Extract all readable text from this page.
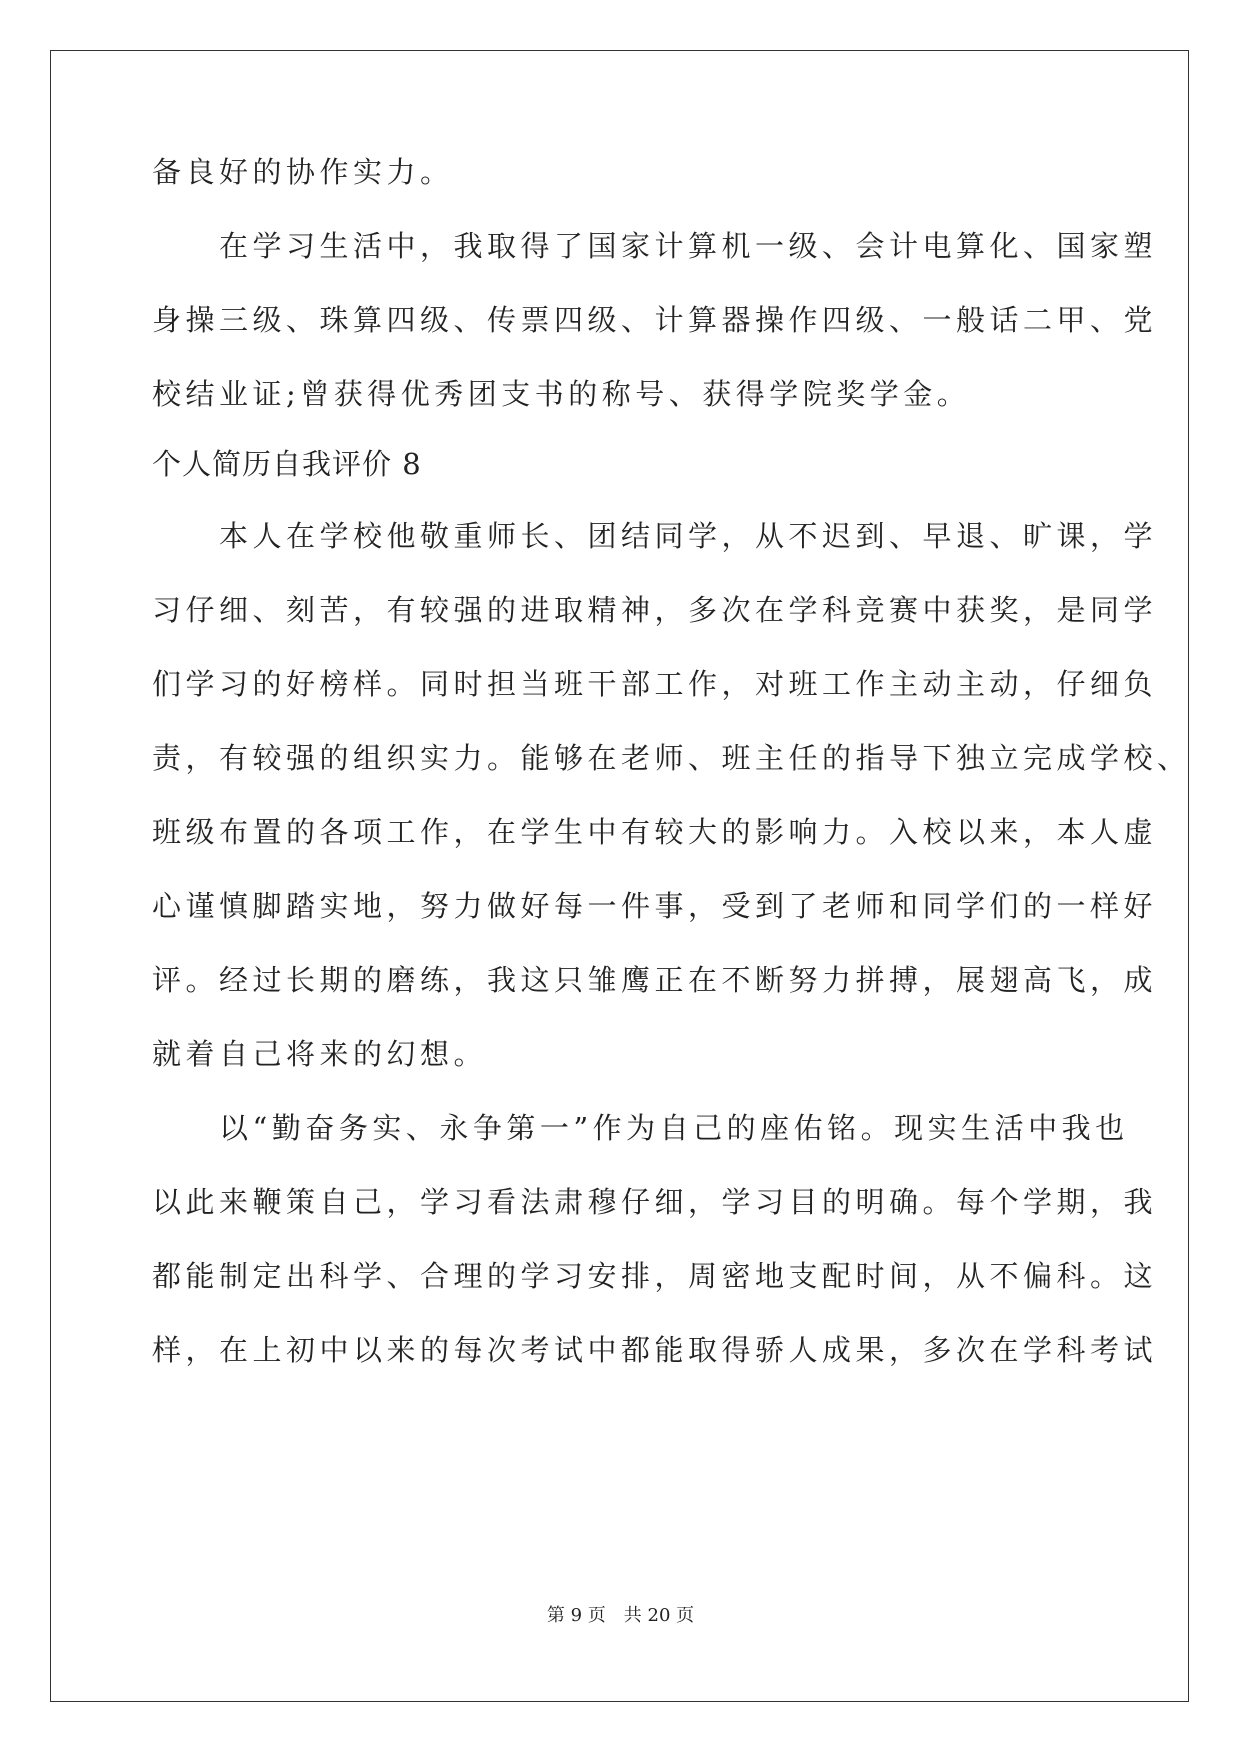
备良好的协作实力。
　　在学习生活中，我取得了国家计算机一级、会计电算化、国家塑
身操三级、珠算四级、传票四级、计算器操作四级、一般话二甲、党
校结业证;曾获得优秀团支书的称号、获得学院奖学金。
个人简历自我评价 8
　　本人在学校他敬重师长、团结同学，从不迟到、早退、旷课，学
习仔细、刻苦，有较强的进取精神，多次在学科竞赛中获奖，是同学
们学习的好榜样。同时担当班干部工作，对班工作主动主动，仔细负
责，有较强的组织实力。能够在老师、班主任的指导下独立完成学校、
班级布置的各项工作，在学生中有较大的影响力。入校以来，本人虚
心谨慎脚踏实地，努力做好每一件事，受到了老师和同学们的一样好
评。经过长期的磨练，我这只雏鹰正在不断努力拼搏，展翅高飞，成
就着自己将来的幻想。
　　以“勤奋务实、永争第一”作为自己的座佑铭。现实生活中我也
以此来鞭策自己，学习看法肃穆仔细，学习目的明确。每个学期，我
都能制定出科学、合理的学习安排，周密地支配时间，从不偏科。这
样，在上初中以来的每次考试中都能取得骄人成果，多次在学科考试
第 9 页　共 20 页
